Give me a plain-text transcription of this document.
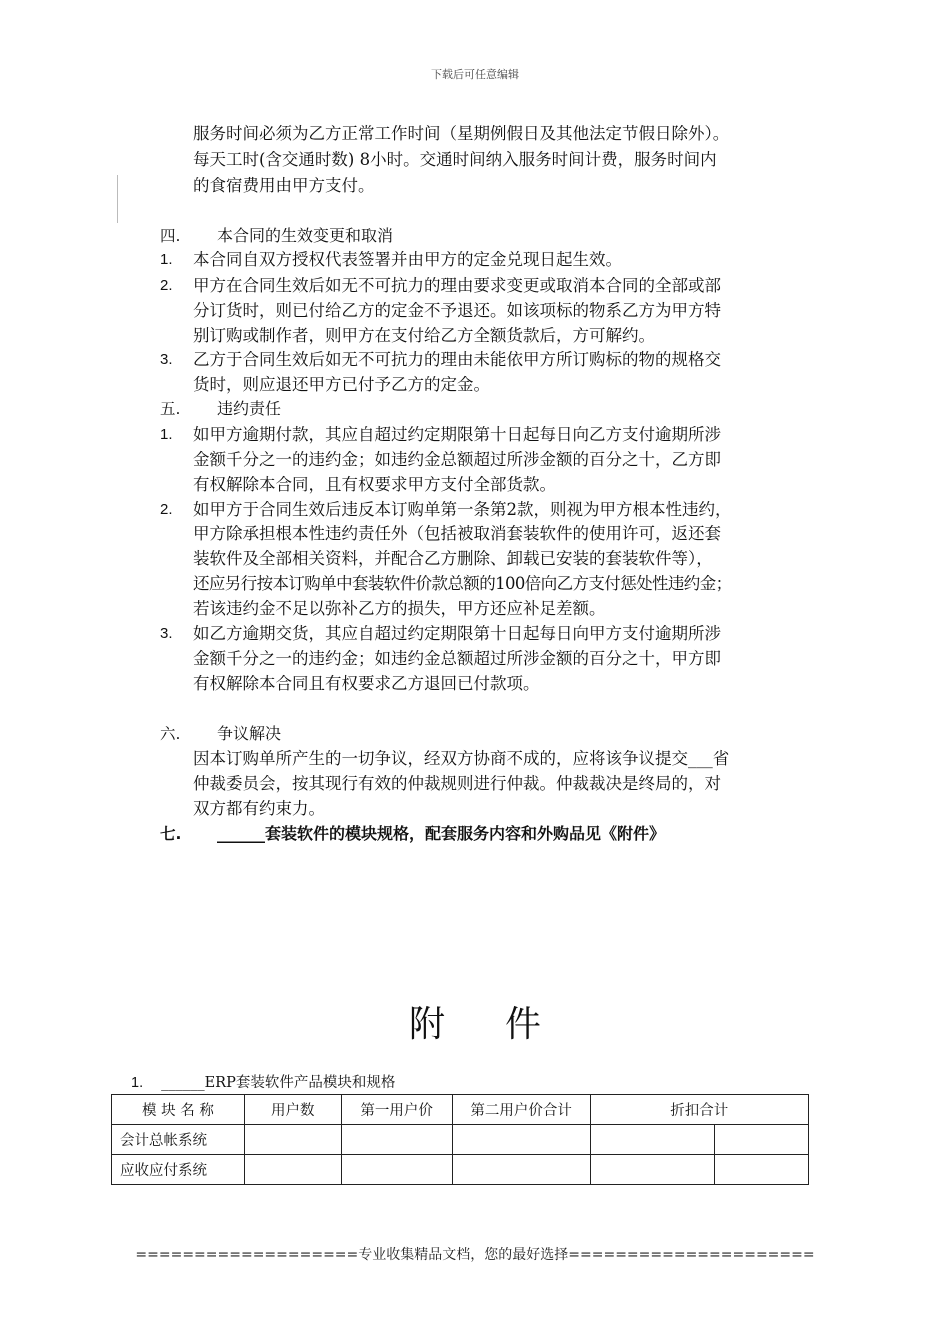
下载后可任意编辑
服务时间必须为乙方正常工作时间（星期例假日及其他法定节假日除外）。
每天工时(含交通时数) 8小时。交通时间纳入服务时间计费，服务时间内
的食宿费用由甲方支付。
四. 本合同的生效变更和取消
1. 本合同自双方授权代表签署并由甲方的定金兑现日起生效。
2. 甲方在合同生效后如无不可抗力的理由要求变更或取消本合同的全部或部
分订货时，则已付给乙方的定金不予退还。如该项标的物系乙方为甲方特
别订购或制作者，则甲方在支付给乙方全额货款后，方可解约。
3. 乙方于合同生效后如无不可抗力的理由未能依甲方所订购标的物的规格交
货时，则应退还甲方已付予乙方的定金。
五. 违约责任
1. 如甲方逾期付款，其应自超过约定期限第十日起每日向乙方支付逾期所涉
金额千分之一的违约金；如违约金总额超过所涉金额的百分之十，乙方即
有权解除本合同，且有权要求甲方支付全部货款。
2. 如甲方于合同生效后违反本订购单第一条第2款，则视为甲方根本性违约，
甲方除承担根本性违约责任外（包括被取消套装软件的使用许可，返还套
装软件及全部相关资料，并配合乙方删除、卸载已安装的套装软件等），
还应另行按本订购单中套装软件价款总额的100倍向乙方支付惩处性违约金；
若该违约金不足以弥补乙方的损失，甲方还应补足差额。
3. 如乙方逾期交货，其应自超过约定期限第十日起每日向甲方支付逾期所涉
金额千分之一的违约金；如违约金总额超过所涉金额的百分之十，甲方即
有权解除本合同且有权要求乙方退回已付款项。
六. 争议解决
因本订购单所产生的一切争议，经双方协商不成的，应将该争议提交___省
仲裁委员会，按其现行有效的仲裁规则进行仲裁。仲裁裁决是终局的，对
双方都有约束力。
七. ______套装软件的模块规格，配套服务内容和外购品见《附件》
附件
1. ______ERP套装软件产品模块和规格
模 块 名 称	用户数	第一用户价	第二用户价合计	折扣合计	
会计总帐系统					
应收应付系统					
===================专业收集精品文档，您的最好选择=====================
